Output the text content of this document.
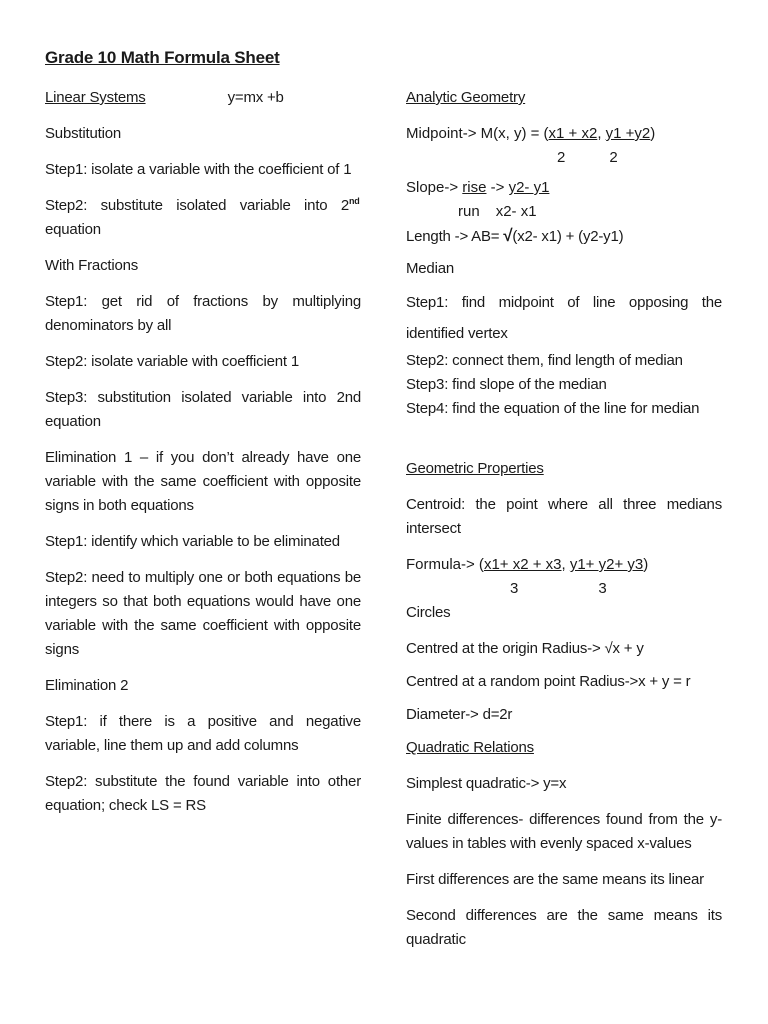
Grade 10 Math Formula Sheet

Linear Systems	y=mx +b

Substitution

Step1: isolate a variable with the coefficient of 1

Step2: substitute isolated variable into 2nd
equation

With Fractions

Step1: get rid of fractions by multiplying denominators by all

Step2: isolate variable with coefficient 1

Step3: substitution isolated variable into 2nd equation

Elimination 1 – if you don’t already have one variable with the same coefficient with opposite signs in both equations

Step1: identify which variable to be eliminated

Step2: need to multiply one or both equations be integers so that both equations would have one variable with the same coefficient with opposite signs

Elimination 2

Step1: if there is a positive and negative variable, line them up and add columns

Step2: substitute the found variable into other equation; check LS = RS

Analytic Geometry

Midpoint-> M(x, y) = (x1 + x2, y1 +y2)
2	2
Slope-> rise -> y2- y1
run x2- x1

Length -> AB= √(x2- x1) + (y2-y1)

Median

Step1: find midpoint of line opposing the identified vertex

Step2: connect them, find length of median

Step3: find slope of the median

Step4: find the equation of the line for median

Geometric Properties

Centroid: the point where all three medians intersect

Formula-> (x1+ x2 + x3, y1+ y2+ y3)
3	3

Circles

Centred at the origin Radius-> √x + y

Centred at a random point Radius->x + y = r

Diameter-> d=2r

Quadratic Relations

Simplest quadratic-> y=x

Finite differences- differences found from the y-values in tables with evenly spaced x-values

First differences are the same means its linear

Second differences are the same means its quadratic
